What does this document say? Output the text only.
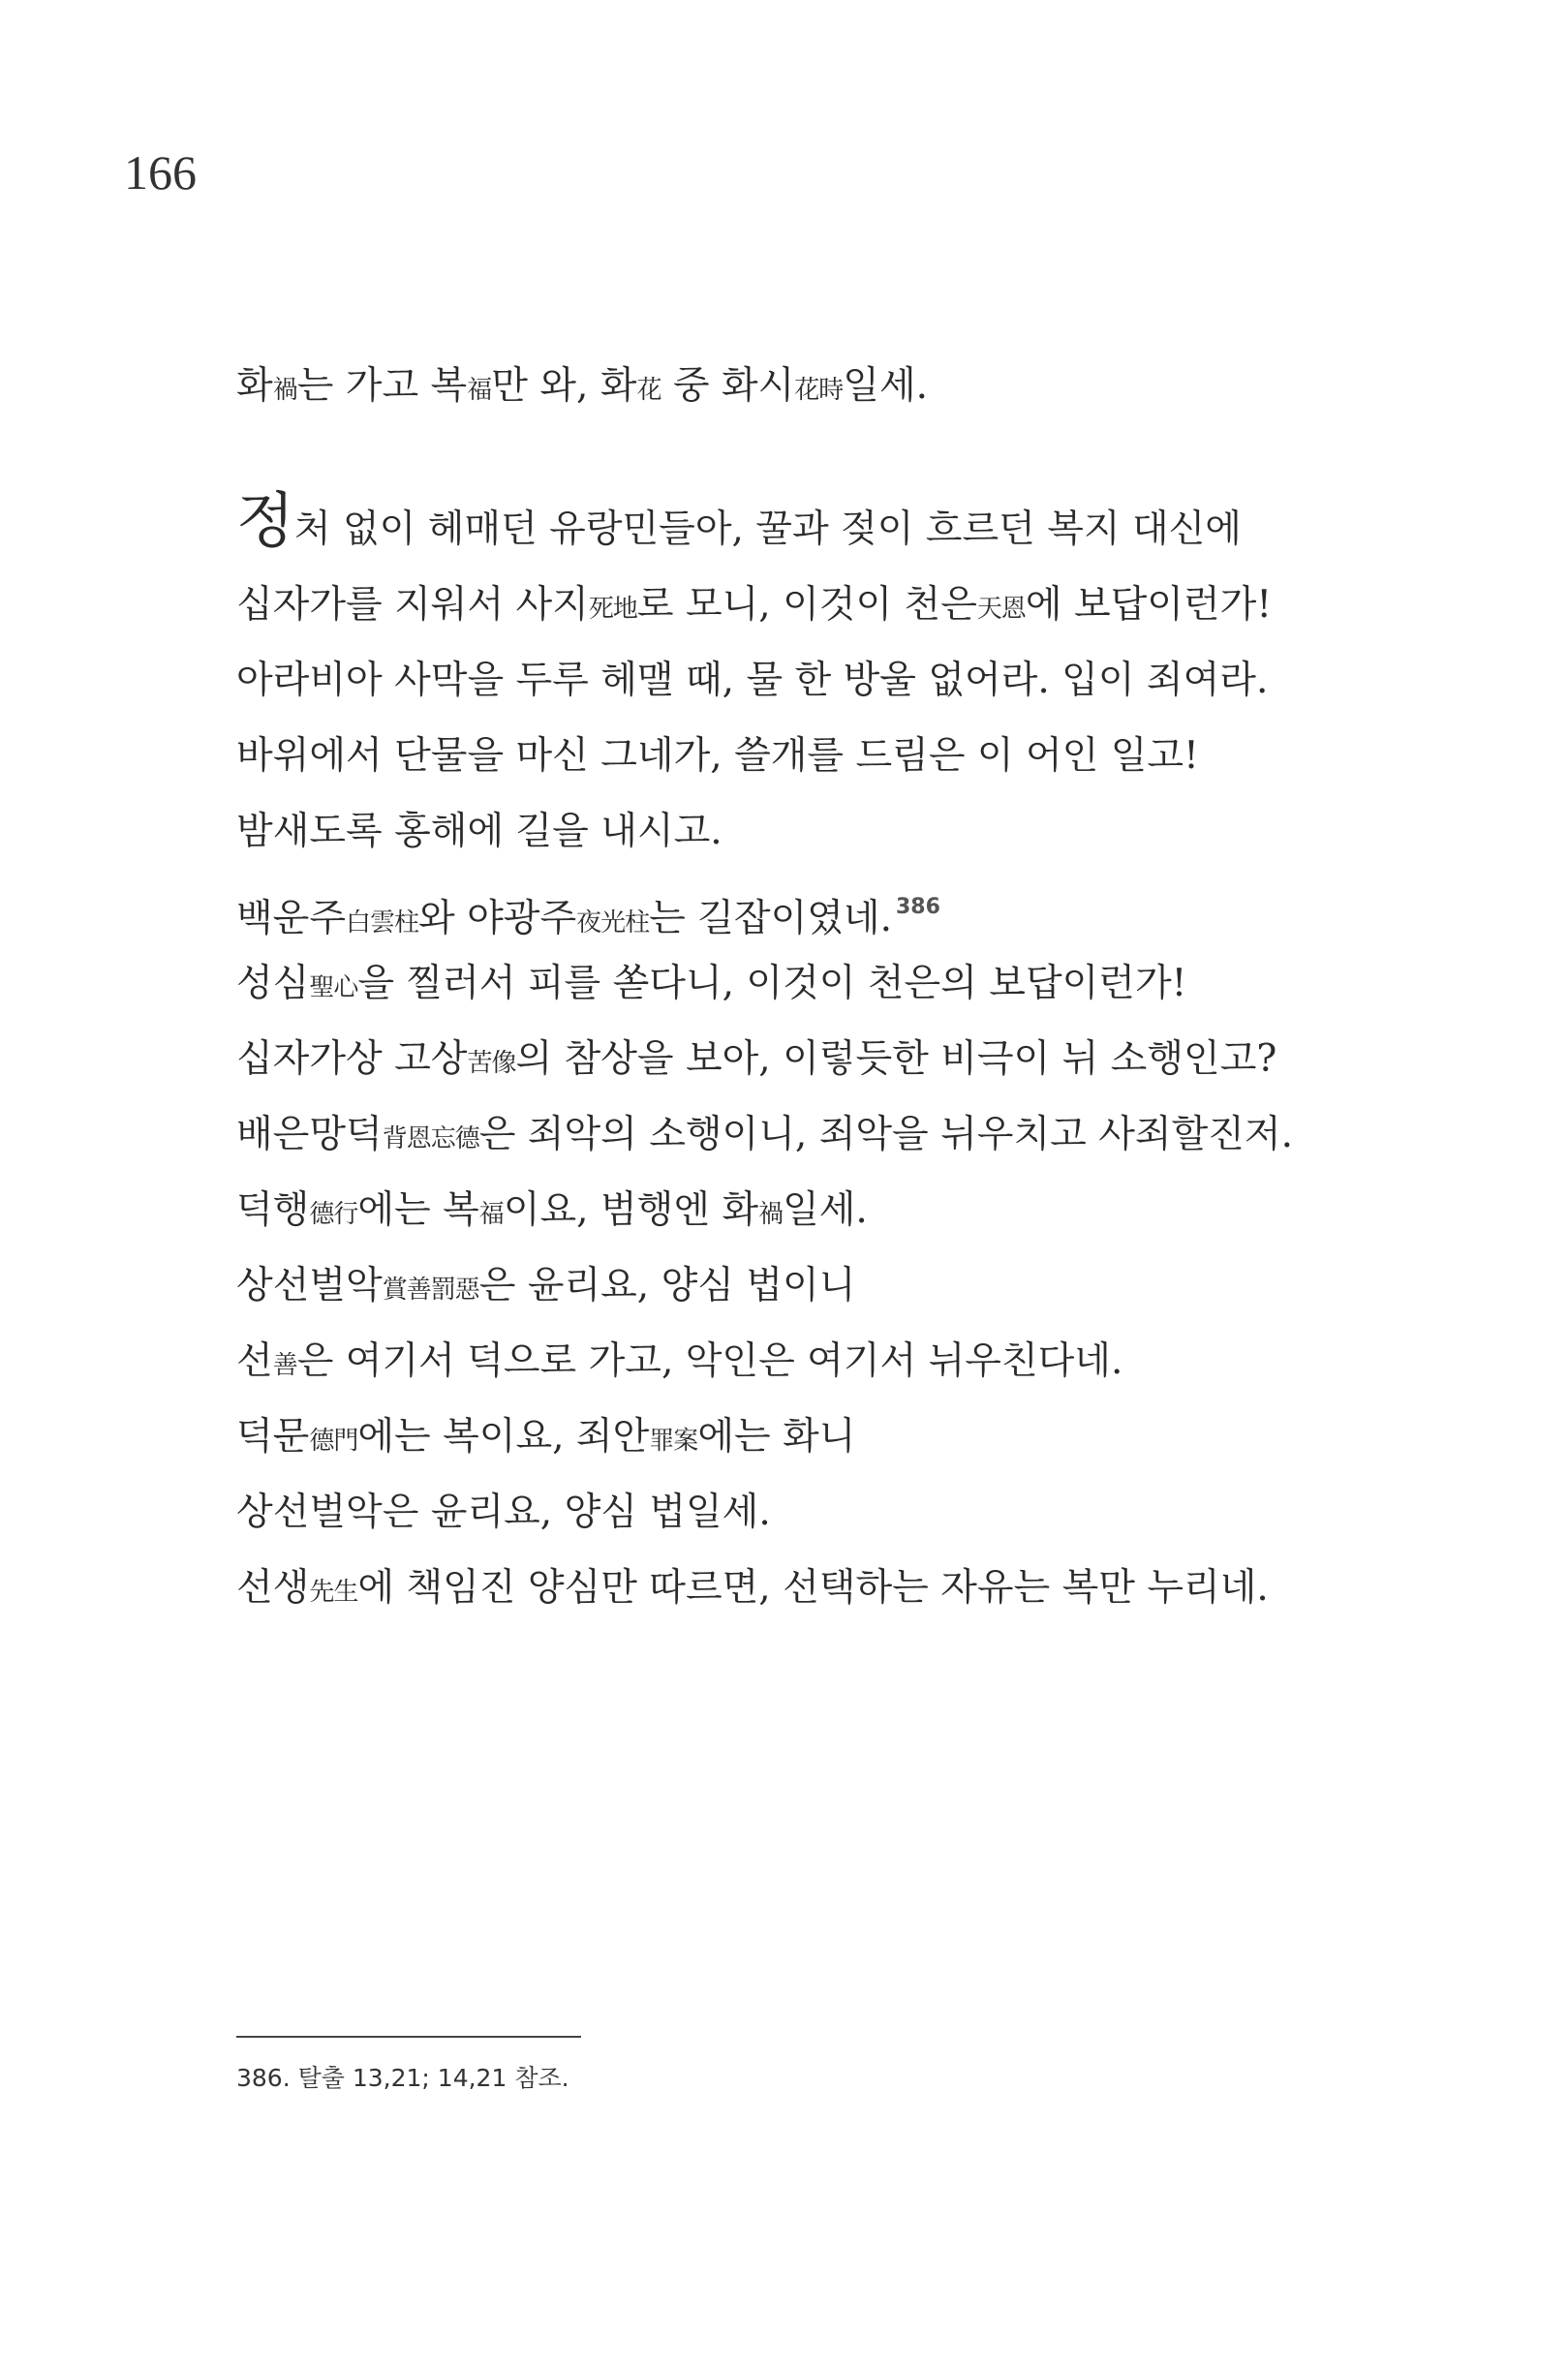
166
화禍는 가고 복福만 와, 화花 중 화시花時일세.
정처 없이 헤매던 유랑민들아, 꿀과 젖이 흐르던 복지 대신에
십자가를 지워서 사지死地로 모니, 이것이 천은天恩에 보답이런가!
아라비아 사막을 두루 헤맬 때, 물 한 방울 없어라. 입이 죄여라.
바위에서 단물을 마신 그네가, 쓸개를 드림은 이 어인 일고!
밤새도록 홍해에 길을 내시고.
백운주白雲柱와 야광주夜光柱는 길잡이였네. $^{386}$
성심聖心을 찔러서 피를 쏟다니, 이것이 천은의 보답이런가!
십자가상 고상苦像의 참상을 보아, 이렇듯한 비극이 뉘 소행인고?
배은망덕背恩忘德은 죄악의 소행이니, 죄악을 뉘우치고 사죄할진저.
덕행德行에는 복福이요, 범행엔 화禍일세.
상선벌악賞善罰惡은 윤리요, 양심 법이니
선善은 여기서 덕으로 가고, 악인은 여기서 뉘우친다네.
덕문德門에는 복이요, 죄안罪案에는 화니
상선벌악은 윤리요, 양심 법일세.
선생先生에 책임진 양심만 따르면, 선택하는 자유는 복만 누리네.
386. 탈출 13,21; 14,21 참조.
